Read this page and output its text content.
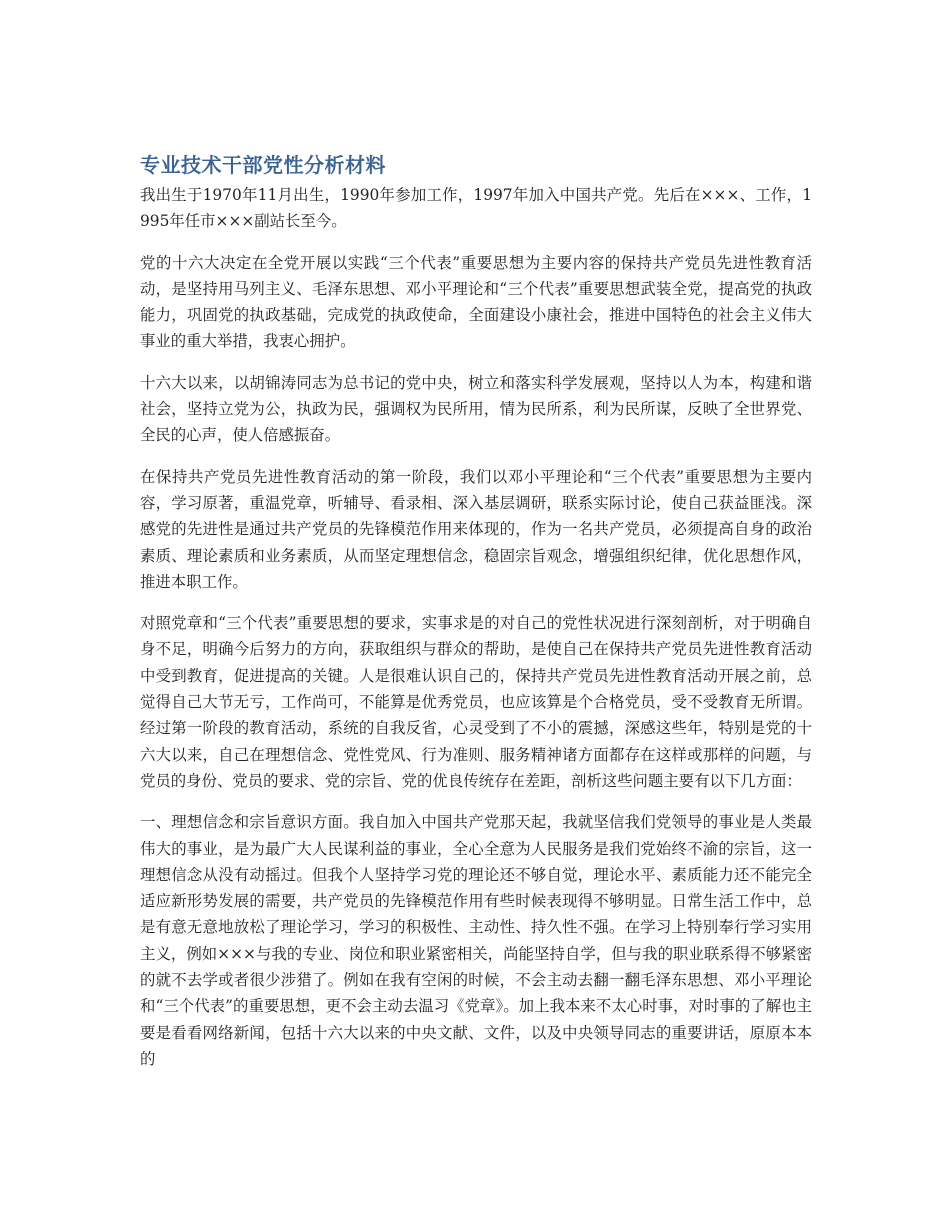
专业技术干部党性分析材料

我出生于1970年11月出生，1990年参加工作，1997年加入中国共产党。先后在×××、工作，1995年任市×××副站长至今。

党的十六大决定在全党开展以实践“三个代表”重要思想为主要内容的保持共产党员先进性教育活动，是坚持用马列主义、毛泽东思想、邓小平理论和“三个代表”重要思想武装全党，提高党的执政能力，巩固党的执政基础，完成党的执政使命，全面建设小康社会，推进中国特色的社会主义伟大事业的重大举措，我衷心拥护。

十六大以来，以胡锦涛同志为总书记的党中央，树立和落实科学发展观，坚持以人为本，构建和谐社会，坚持立党为公，执政为民，强调权为民所用，情为民所系，利为民所谋，反映了全世界党、全民的心声，使人倍感振奋。

在保持共产党员先进性教育活动的第一阶段，我们以邓小平理论和“三个代表”重要思想为主要内容，学习原著，重温党章，听辅导、看录相、深入基层调研，联系实际讨论，使自己获益匪浅。深感党的先进性是通过共产党员的先锋模范作用来体现的，作为一名共产党员，必须提高自身的政治素质、理论素质和业务素质，从而坚定理想信念，稳固宗旨观念，增强组织纪律，优化思想作风，推进本职工作。

对照党章和“三个代表”重要思想的要求，实事求是的对自己的党性状况进行深刻剖析，对于明确自身不足，明确今后努力的方向，获取组织与群众的帮助，是使自己在保持共产党员先进性教育活动中受到教育，促进提高的关键。人是很难认识自己的，保持共产党员先进性教育活动开展之前，总觉得自己大节无亏，工作尚可，不能算是优秀党员，也应该算是个合格党员，受不受教育无所谓。经过第一阶段的教育活动，系统的自我反省，心灵受到了不小的震撼，深感这些年，特别是党的十六大以来，自己在理想信念、党性党风、行为准则、服务精神诸方面都存在这样或那样的问题，与党员的身份、党员的要求、党的宗旨、党的优良传统存在差距，剖析这些问题主要有以下几方面：

一、理想信念和宗旨意识方面。我自加入中国共产党那天起，我就坚信我们党领导的事业是人类最伟大的事业，是为最广大人民谋利益的事业，全心全意为人民服务是我们党始终不渝的宗旨，这一理想信念从没有动摇过。但我个人坚持学习党的理论还不够自觉，理论水平、素质能力还不能完全适应新形势发展的需要，共产党员的先锋模范作用有些时候表现得不够明显。日常生活工作中，总是有意无意地放松了理论学习，学习的积极性、主动性、持久性不强。在学习上特别奉行学习实用主义，例如×××与我的专业、岗位和职业紧密相关，尚能坚持自学，但与我的职业联系得不够紧密的就不去学或者很少涉猎了。例如在我有空闲的时候，不会主动去翻一翻毛泽东思想、邓小平理论和“三个代表”的重要思想，更不会主动去温习《党章》。加上我本来不太心时事，对时事的了解也主要是看看网络新闻，包括十六大以来的中央文献、文件，以及中央领导同志的重要讲话，原原本本的
